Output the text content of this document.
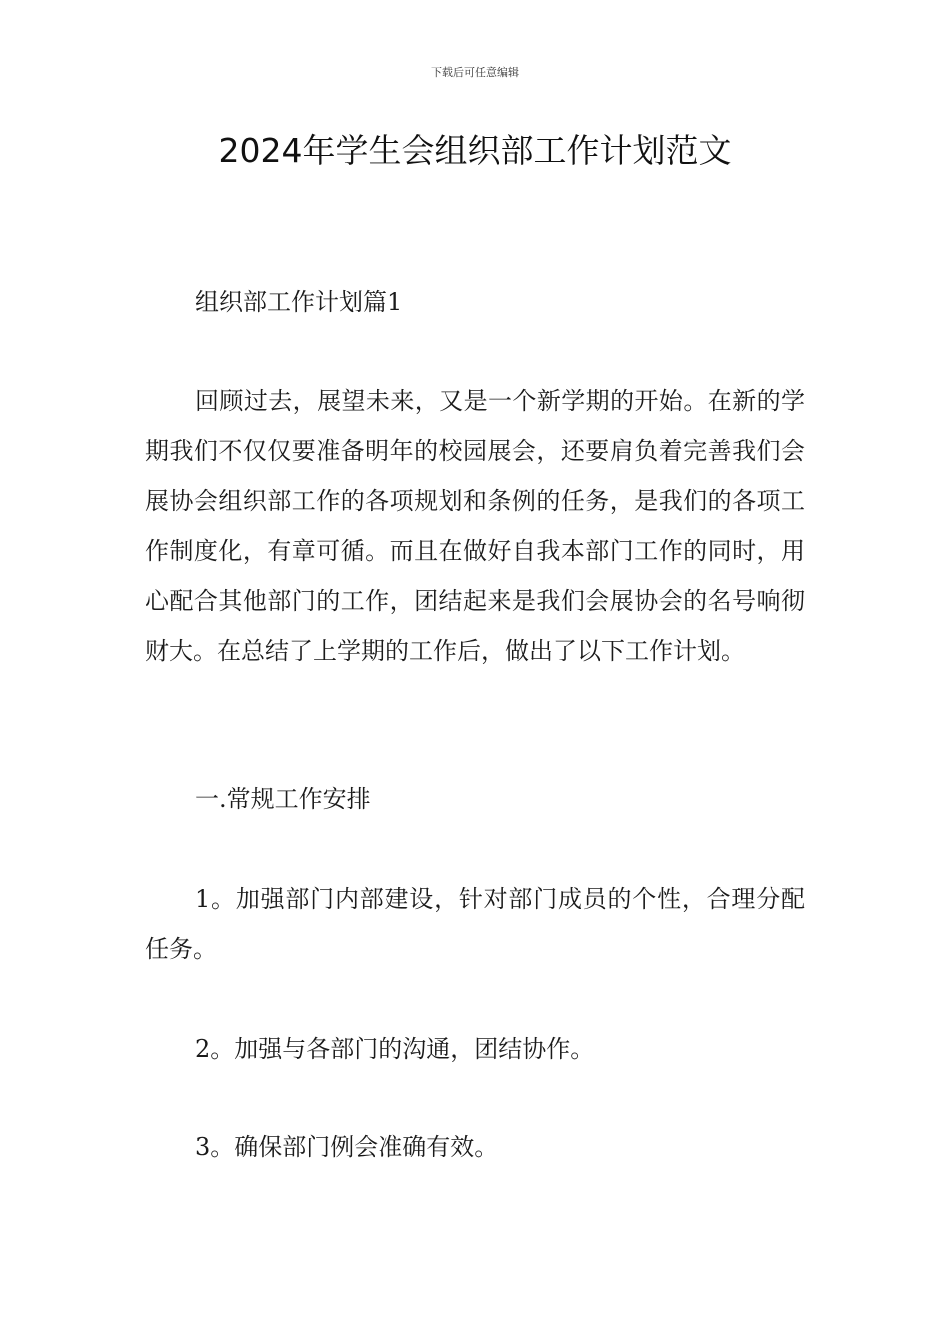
下载后可任意编辑
2024年学生会组织部工作计划范文

组织部工作计划篇1

回顾过去，展望未来，又是一个新学期的开始。在新的学期我们不仅仅要准备明年的校园展会，还要肩负着完善我们会展协会组织部工作的各项规划和条例的任务，是我们的各项工作制度化，有章可循。而且在做好自我本部门工作的同时，用心配合其他部门的工作，团结起来是我们会展协会的名号响彻财大。在总结了上学期的工作后，做出了以下工作计划。

一.常规工作安排

1。加强部门内部建设，针对部门成员的个性，合理分配任务。

2。加强与各部门的沟通，团结协作。

3。确保部门例会准确有效。
